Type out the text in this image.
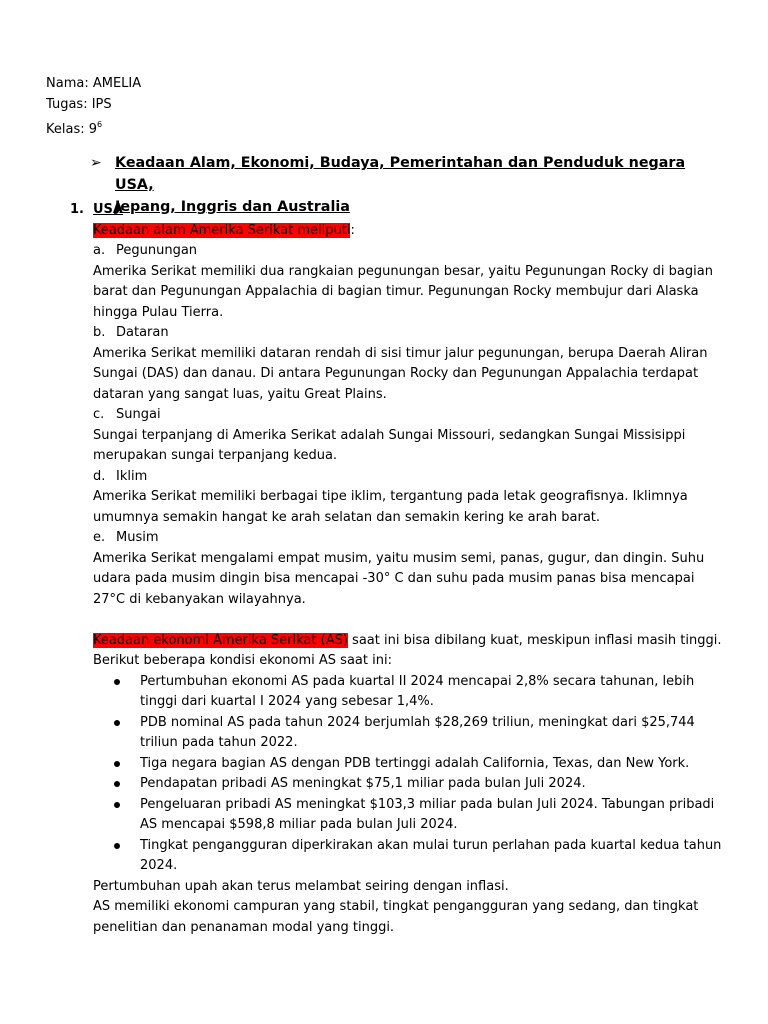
Nama: AMELIA
Tugas: IPS
Kelas: $9^6$
➢ Keadaan Alam, Ekonomi, Budaya, Pemerintahan dan Penduduk negara USA,
Jepang, Inggris dan Australia

1. USA

Keadaan alam Amerika Serikat meliputi:

a. Pegunungan

Amerika Serikat memiliki dua rangkaian pegunungan besar, yaitu Pegunungan Rocky di bagian barat dan Pegunungan Appalachia di bagian timur. Pegunungan Rocky membujur dari Alaska hingga Pulau Tierra.

b. Dataran

Amerika Serikat memiliki dataran rendah di sisi timur jalur pegunungan, berupa Daerah Aliran Sungai (DAS) dan danau. Di antara Pegunungan Rocky dan Pegunungan Appalachia terdapat dataran yang sangat luas, yaitu Great Plains.

c. Sungai

Sungai terpanjang di Amerika Serikat adalah Sungai Missouri, sedangkan Sungai Missisippi merupakan sungai terpanjang kedua.

d. Iklim

Amerika Serikat memiliki berbagai tipe iklim, tergantung pada letak geografisnya. Iklimnya umumnya semakin hangat ke arah selatan dan semakin kering ke arah barat.

e. Musim

Amerika Serikat mengalami empat musim, yaitu musim semi, panas, gugur, dan dingin. Suhu udara pada musim dingin bisa mencapai -30° C dan suhu pada musim panas bisa mencapai 27°C di kebanyakan wilayahnya.

Keadaan ekonomi Amerika Serikat (AS) saat ini bisa dibilang kuat, meskipun inflasi masih tinggi.

Berikut beberapa kondisi ekonomi AS saat ini:

Pertumbuhan ekonomi AS pada kuartal II 2024 mencapai 2,8% secara tahunan, lebih tinggi dari kuartal I 2024 yang sebesar 1,4%.
PDB nominal AS pada tahun 2024 berjumlah $28,269 triliun, meningkat dari $25,744 triliun pada tahun 2022.
Tiga negara bagian AS dengan PDB tertinggi adalah California, Texas, dan New York.
Pendapatan pribadi AS meningkat $75,1 miliar pada bulan Juli 2024.
Pengeluaran pribadi AS meningkat $103,3 miliar pada bulan Juli 2024. Tabungan pribadi AS mencapai $598,8 miliar pada bulan Juli 2024.
Tingkat pengangguran diperkirakan akan mulai turun perlahan pada kuartal kedua tahun 2024.

Pertumbuhan upah akan terus melambat seiring dengan inflasi.

AS memiliki ekonomi campuran yang stabil, tingkat pengangguran yang sedang, dan tingkat penelitian dan penanaman modal yang tinggi.
